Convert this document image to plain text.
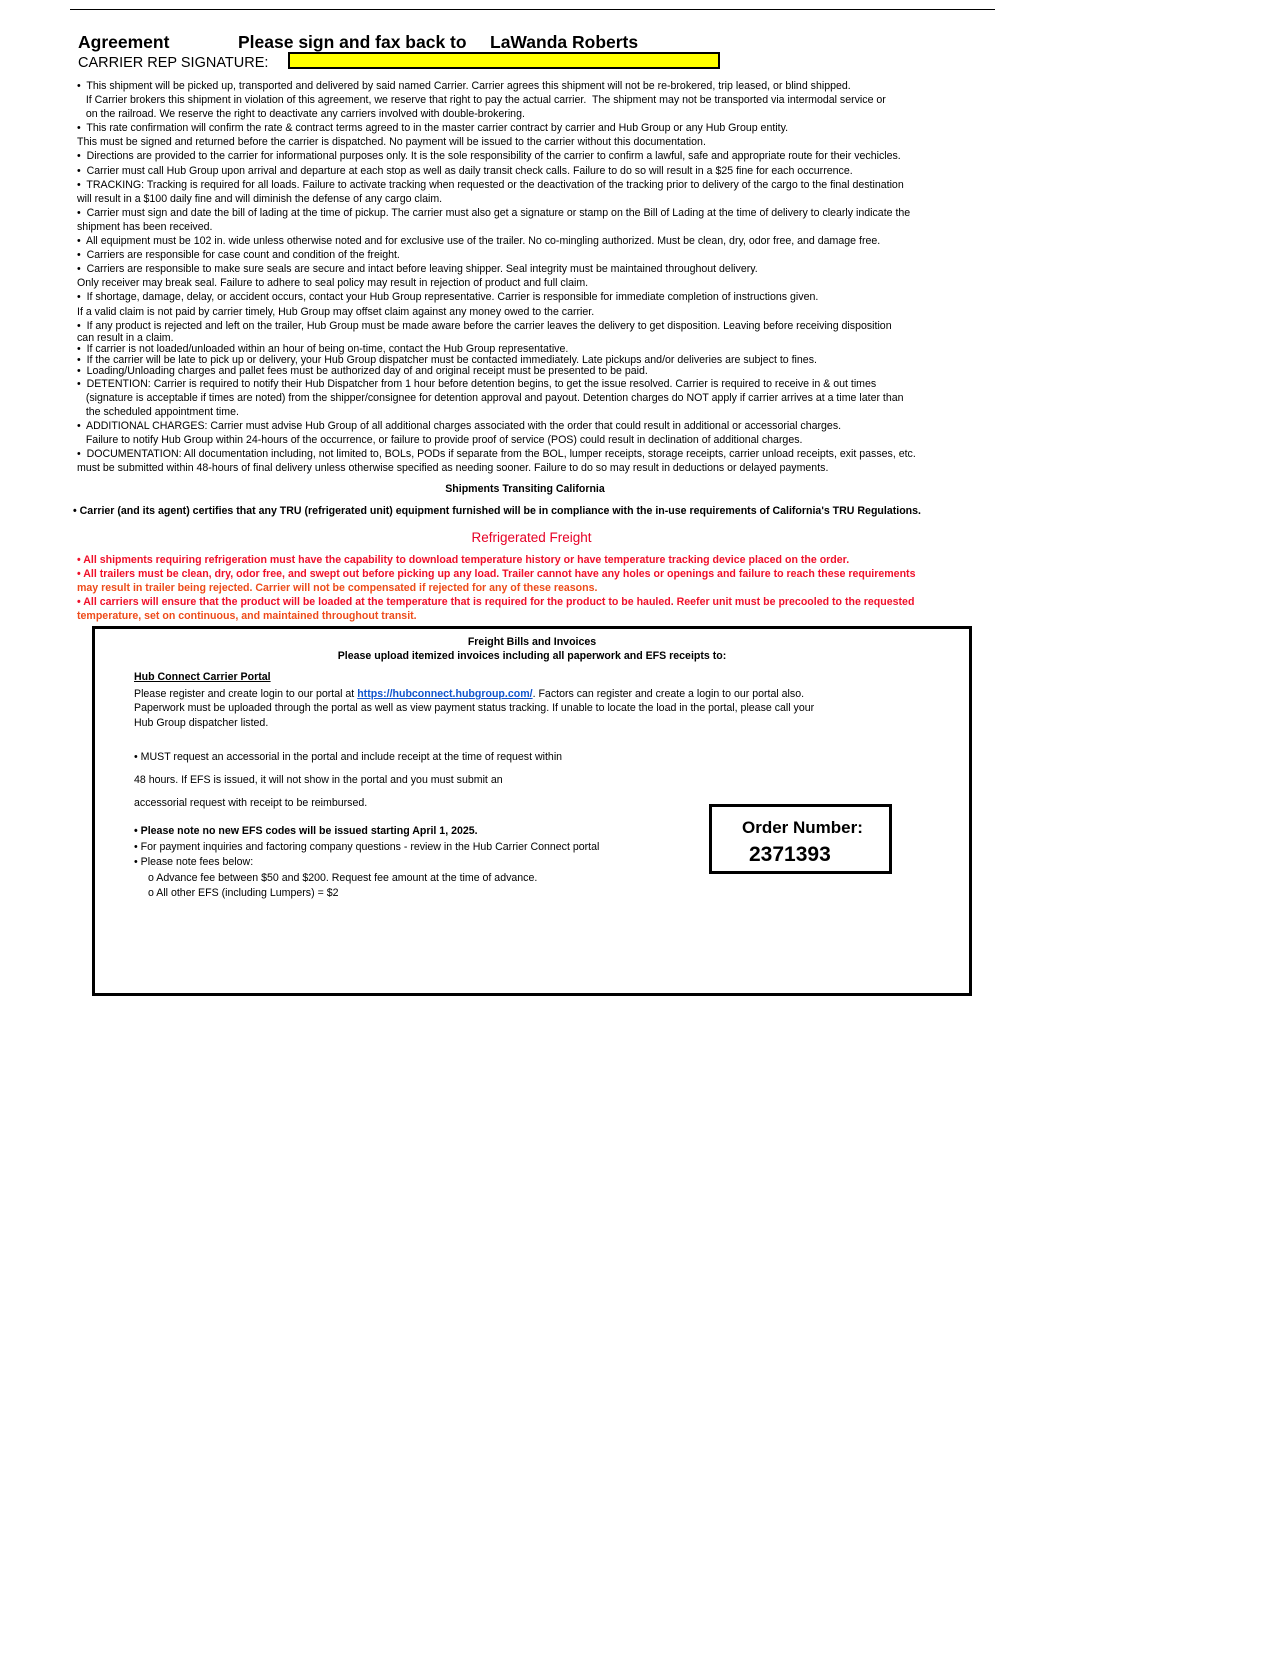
Agreement	Please sign and fax back to LaWanda Roberts
CARRIER REP SIGNATURE:
•  This shipment will be picked up, transported and delivered by said named Carrier. Carrier agrees this shipment will not be re-brokered, trip leased, or blind shipped.
If Carrier brokers this shipment in violation of this agreement, we reserve that right to pay the actual carrier.  The shipment may not be transported via intermodal service or
on the railroad. We reserve the right to deactivate any carriers involved with double-brokering.
•  This rate confirmation will confirm the rate & contract terms agreed to in the master carrier contract by carrier and Hub Group or any Hub Group entity.
This must be signed and returned before the carrier is dispatched. No payment will be issued to the carrier without this documentation.
•  Directions are provided to the carrier for informational purposes only. It is the sole responsibility of the carrier to confirm a lawful, safe and appropriate route for their vechicles.
•  Carrier must call Hub Group upon arrival and departure at each stop as well as daily transit check calls. Failure to do so will result in a $25 fine for each occurrence.
•  TRACKING: Tracking is required for all loads. Failure to activate tracking when requested or the deactivation of the tracking prior to delivery of the cargo to the final destination
will result in a $100 daily fine and will diminish the defense of any cargo claim.
•  Carrier must sign and date the bill of lading at the time of pickup. The carrier must also get a signature or stamp on the Bill of Lading at the time of delivery to clearly indicate the
shipment has been received.
•  All equipment must be 102 in. wide unless otherwise noted and for exclusive use of the trailer. No co-mingling authorized. Must be clean, dry, odor free, and damage free.
•  Carriers are responsible for case count and condition of the freight.
•  Carriers are responsible to make sure seals are secure and intact before leaving shipper. Seal integrity must be maintained throughout delivery.
Only receiver may break seal. Failure to adhere to seal policy may result in rejection of product and full claim.
•  If shortage, damage, delay, or accident occurs, contact your Hub Group representative. Carrier is responsible for immediate completion of instructions given.
If a valid claim is not paid by carrier timely, Hub Group may offset claim against any money owed to the carrier.
•  If any product is rejected and left on the trailer, Hub Group must be made aware before the carrier leaves the delivery to get disposition. Leaving before receiving disposition
can result in a claim.
•  If carrier is not loaded/unloaded within an hour of being on-time, contact the Hub Group representative.
•  If the carrier will be late to pick up or delivery, your Hub Group dispatcher must be contacted immediately. Late pickups and/or deliveries are subject to fines.
•  Loading/Unloading charges and pallet fees must be authorized day of and original receipt must be presented to be paid.
•  DETENTION: Carrier is required to notify their Hub Dispatcher from 1 hour before detention begins, to get the issue resolved. Carrier is required to receive in & out times
(signature is acceptable if times are noted) from the shipper/consignee for detention approval and payout. Detention charges do NOT apply if carrier arrives at a time later than
the scheduled appointment time.
•  ADDITIONAL CHARGES: Carrier must advise Hub Group of all additional charges associated with the order that could result in additional or accessorial charges.
Failure to notify Hub Group within 24-hours of the occurrence, or failure to provide proof of service (POS) could result in declination of additional charges.
•  DOCUMENTATION: All documentation including, not limited to, BOLs, PODs if separate from the BOL, lumper receipts, storage receipts, carrier unload receipts, exit passes, etc.
must be submitted within 48-hours of final delivery unless otherwise specified as needing sooner. Failure to do so may result in deductions or delayed payments.
Shipments Transiting California
• Carrier (and its agent) certifies that any TRU (refrigerated unit) equipment furnished will be in compliance with the in-use requirements of California's TRU Regulations.
Refrigerated Freight
• All shipments requiring refrigeration must have the capability to download temperature history or have temperature tracking device placed on the order.
• All trailers must be clean, dry, odor free, and swept out before picking up any load. Trailer cannot have any holes or openings and failure to reach these requirements
may result in trailer being rejected. Carrier will not be compensated if rejected for any of these reasons.
• All carriers will ensure that the product will be loaded at the temperature that is required for the product to be hauled. Reefer unit must be precooled to the requested
temperature, set on continuous, and maintained throughout transit.
Freight Bills and Invoices
Please upload itemized invoices including all paperwork and EFS receipts to:
Hub Connect Carrier Portal
Please register and create login to our portal at https://hubconnect.hubgroup.com/. Factors can register and create a login to our portal also.
Paperwork must be uploaded through the portal as well as view payment status tracking. If unable to locate the load in the portal, please call your
Hub Group dispatcher listed.
• MUST request an accessorial in the portal and include receipt at the time of request within
48 hours. If EFS is issued, it will not show in the portal and you must submit an
accessorial request with receipt to be reimbursed.
• Please note no new EFS codes will be issued starting April 1, 2025.
• For payment inquiries and factoring company questions - review in the Hub Carrier Connect portal
• Please note fees below:
o Advance fee between $50 and $200. Request fee amount at the time of advance.
o All other EFS (including Lumpers) = $2
Order Number:
2371393
